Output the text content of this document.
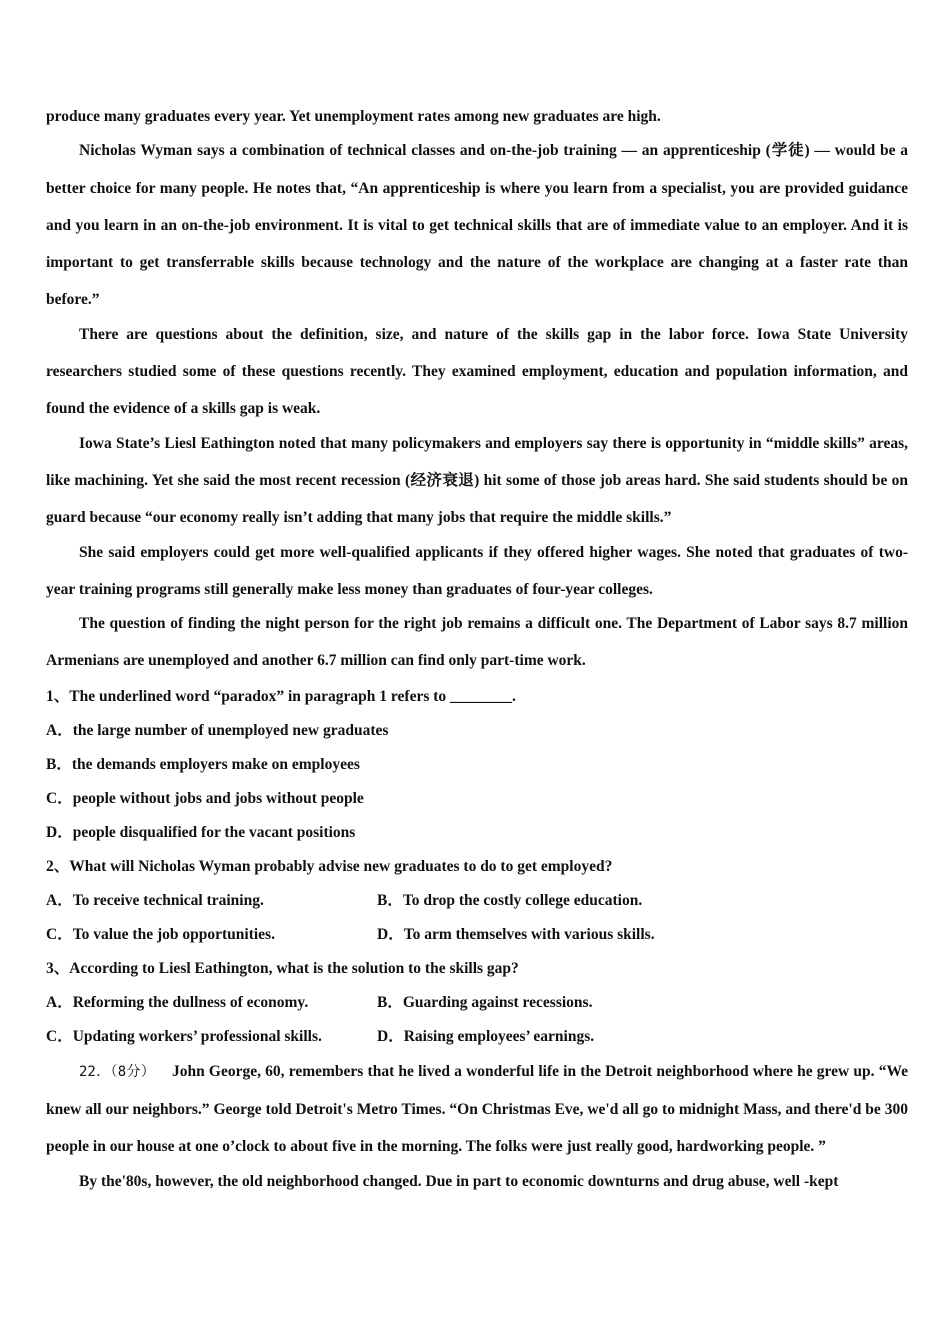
produce many graduates every year. Yet unemployment rates among new graduates are high.

Nicholas Wyman says a combination of technical classes and on-the-job training — an apprenticeship (学徒) — would be a better choice for many people. He notes that, “An apprenticeship is where you learn from a specialist, you are provided guidance and you learn in an on-the-job environment. It is vital to get technical skills that are of immediate value to an employer. And it is important to get transferrable skills because technology and the nature of the workplace are changing at a faster rate than before.”

There are questions about the definition, size, and nature of the skills gap in the labor force. Iowa State University researchers studied some of these questions recently. They examined employment, education and population information, and found the evidence of a skills gap is weak.

Iowa State’s Liesl Eathington noted that many policymakers and employers say there is opportunity in “middle skills” areas, like machining. Yet she said the most recent recession (经济衰退) hit some of those job areas hard. She said students should be on guard because “our economy really isn’t adding that many jobs that require the middle skills.”

She said employers could get more well-qualified applicants if they offered higher wages. She noted that graduates of two-year training programs still generally make less money than graduates of four-year colleges.

The question of finding the night person for the right job remains a difficult one. The Department of Labor says 8.7 million Armenians are unemployed and another 6.7 million can find only part-time work.

1、The underlined word “paradox” in paragraph 1 refers to ________.

A．the large number of unemployed new graduates

B．the demands employers make on employees

C．people without jobs and jobs without people

D．people disqualified for the vacant positions

2、What will Nicholas Wyman probably advise new graduates to do to get employed?

A．To receive technical training.	B．To drop the costly college education.
C．To value the job opportunities.	D．To arm themselves with various skills.

3、According to Liesl Eathington, what is the solution to the skills gap?

A．Reforming the dullness of economy.	B．Guarding against recessions.
C．Updating workers’ professional skills.	D．Raising employees’ earnings.

22．（8分） John George, 60, remembers that he lived a wonderful life in the Detroit neighborhood where he grew up. “We knew all our neighbors.” George told Detroit's Metro Times. “On Christmas Eve, we'd all go to midnight Mass, and there'd be 300 people in our house at one o’clock to about five in the morning. The folks were just really good, hardworking people. ”

By the'80s, however, the old neighborhood changed. Due in part to economic downturns and drug abuse, well -kept
